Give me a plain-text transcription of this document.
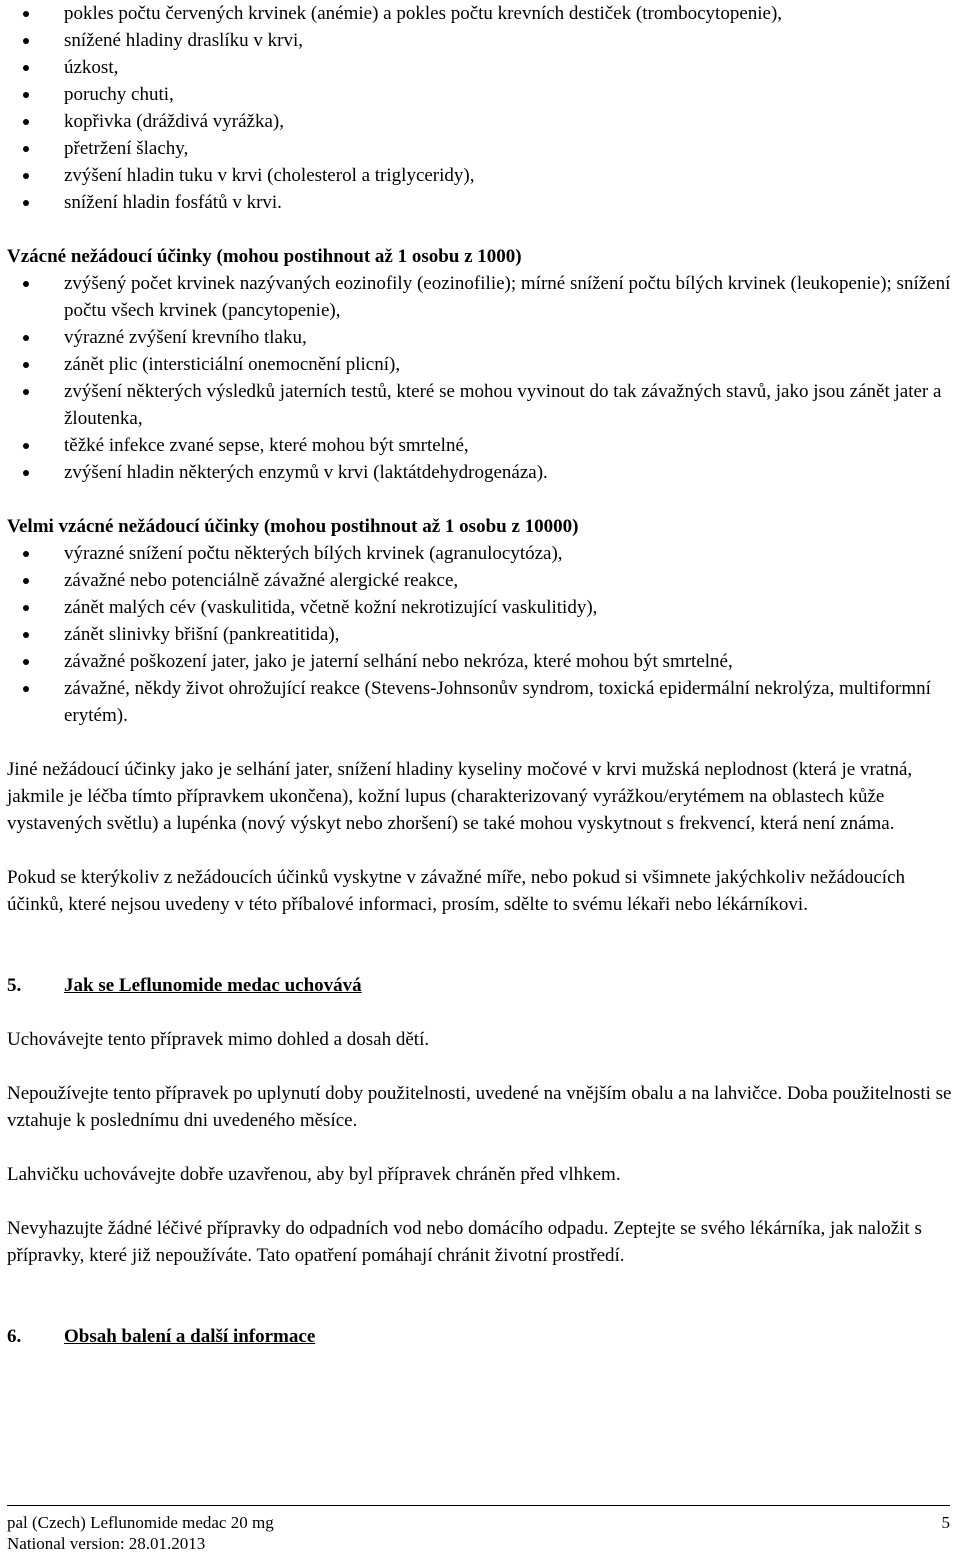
pokles počtu červených krvinek (anémie) a pokles počtu krevních destiček (trombocytopenie),
snížené hladiny draslíku v krvi,
úzkost,
poruchy chuti,
kopřivka (dráždivá vyrážka),
přetržení šlachy,
zvýšení hladin tuku v krvi (cholesterol a triglyceridy),
snížení hladin fosfátů v krvi.

Vzácné nežádoucí účinky (mohou postihnout až 1 osobu z 1000)

zvýšený počet krvinek nazývaných eozinofily (eozinofilie); mírné snížení počtu bílých krvinek (leukopenie); snížení počtu všech krvinek (pancytopenie),
výrazné zvýšení krevního tlaku,
zánět plic (intersticiální onemocnění plicní),
zvýšení některých výsledků jaterních testů, které se mohou vyvinout do tak závažných stavů, jako jsou zánět jater a žloutenka,
těžké infekce zvané sepse, které mohou být smrtelné,
zvýšení hladin některých enzymů v krvi (laktátdehydrogenáza).

Velmi vzácné nežádoucí účinky (mohou postihnout až 1 osobu z 10000)

výrazné snížení počtu některých bílých krvinek (agranulocytóza),
závažné nebo potenciálně závažné alergické reakce,
zánět malých cév (vaskulitida, včetně kožní nekrotizující vaskulitidy),
zánět slinivky břišní (pankreatitida),
závažné poškození jater, jako je jaterní selhání nebo nekróza, které mohou být smrtelné,
závažné, někdy život ohrožující reakce (Stevens-Johnsonův syndrom, toxická epidermální nekrolýza, multiformní erytém).

Jiné nežádoucí účinky jako je selhání jater, snížení hladiny kyseliny močové v krvi mužská neplodnost (která je vratná, jakmile je léčba tímto přípravkem ukončena), kožní lupus (charakterizovaný vyrážkou/erytémem na oblastech kůže vystavených světlu) a lupénka (nový výskyt nebo zhoršení) se také mohou vyskytnout s frekvencí, která není známa.

Pokud se kterýkoliv z nežádoucích účinků vyskytne v závažné míře, nebo pokud si všimnete jakýchkoliv nežádoucích účinků, které nejsou uvedeny v této příbalové informaci, prosím, sdělte to svému lékaři nebo lékárníkovi.

5.	Jak se Leflunomide medac uchovává

Uchovávejte tento přípravek mimo dohled a dosah dětí.

Nepoužívejte tento přípravek po uplynutí doby použitelnosti, uvedené na vnějším obalu a na lahvičce. Doba použitelnosti se vztahuje k poslednímu dni uvedeného měsíce.

Lahvičku uchovávejte dobře uzavřenou, aby byl přípravek chráněn před vlhkem.

Nevyhazujte žádné léčivé přípravky do odpadních vod nebo domácího odpadu. Zeptejte se svého lékárníka, jak naložit s přípravky, které již nepoužíváte. Tato opatření pomáhají chránit životní prostředí.

6.	Obsah balení a další informace
pal (Czech) Leflunomide medac 20 mg	5
National version: 28.01.2013
